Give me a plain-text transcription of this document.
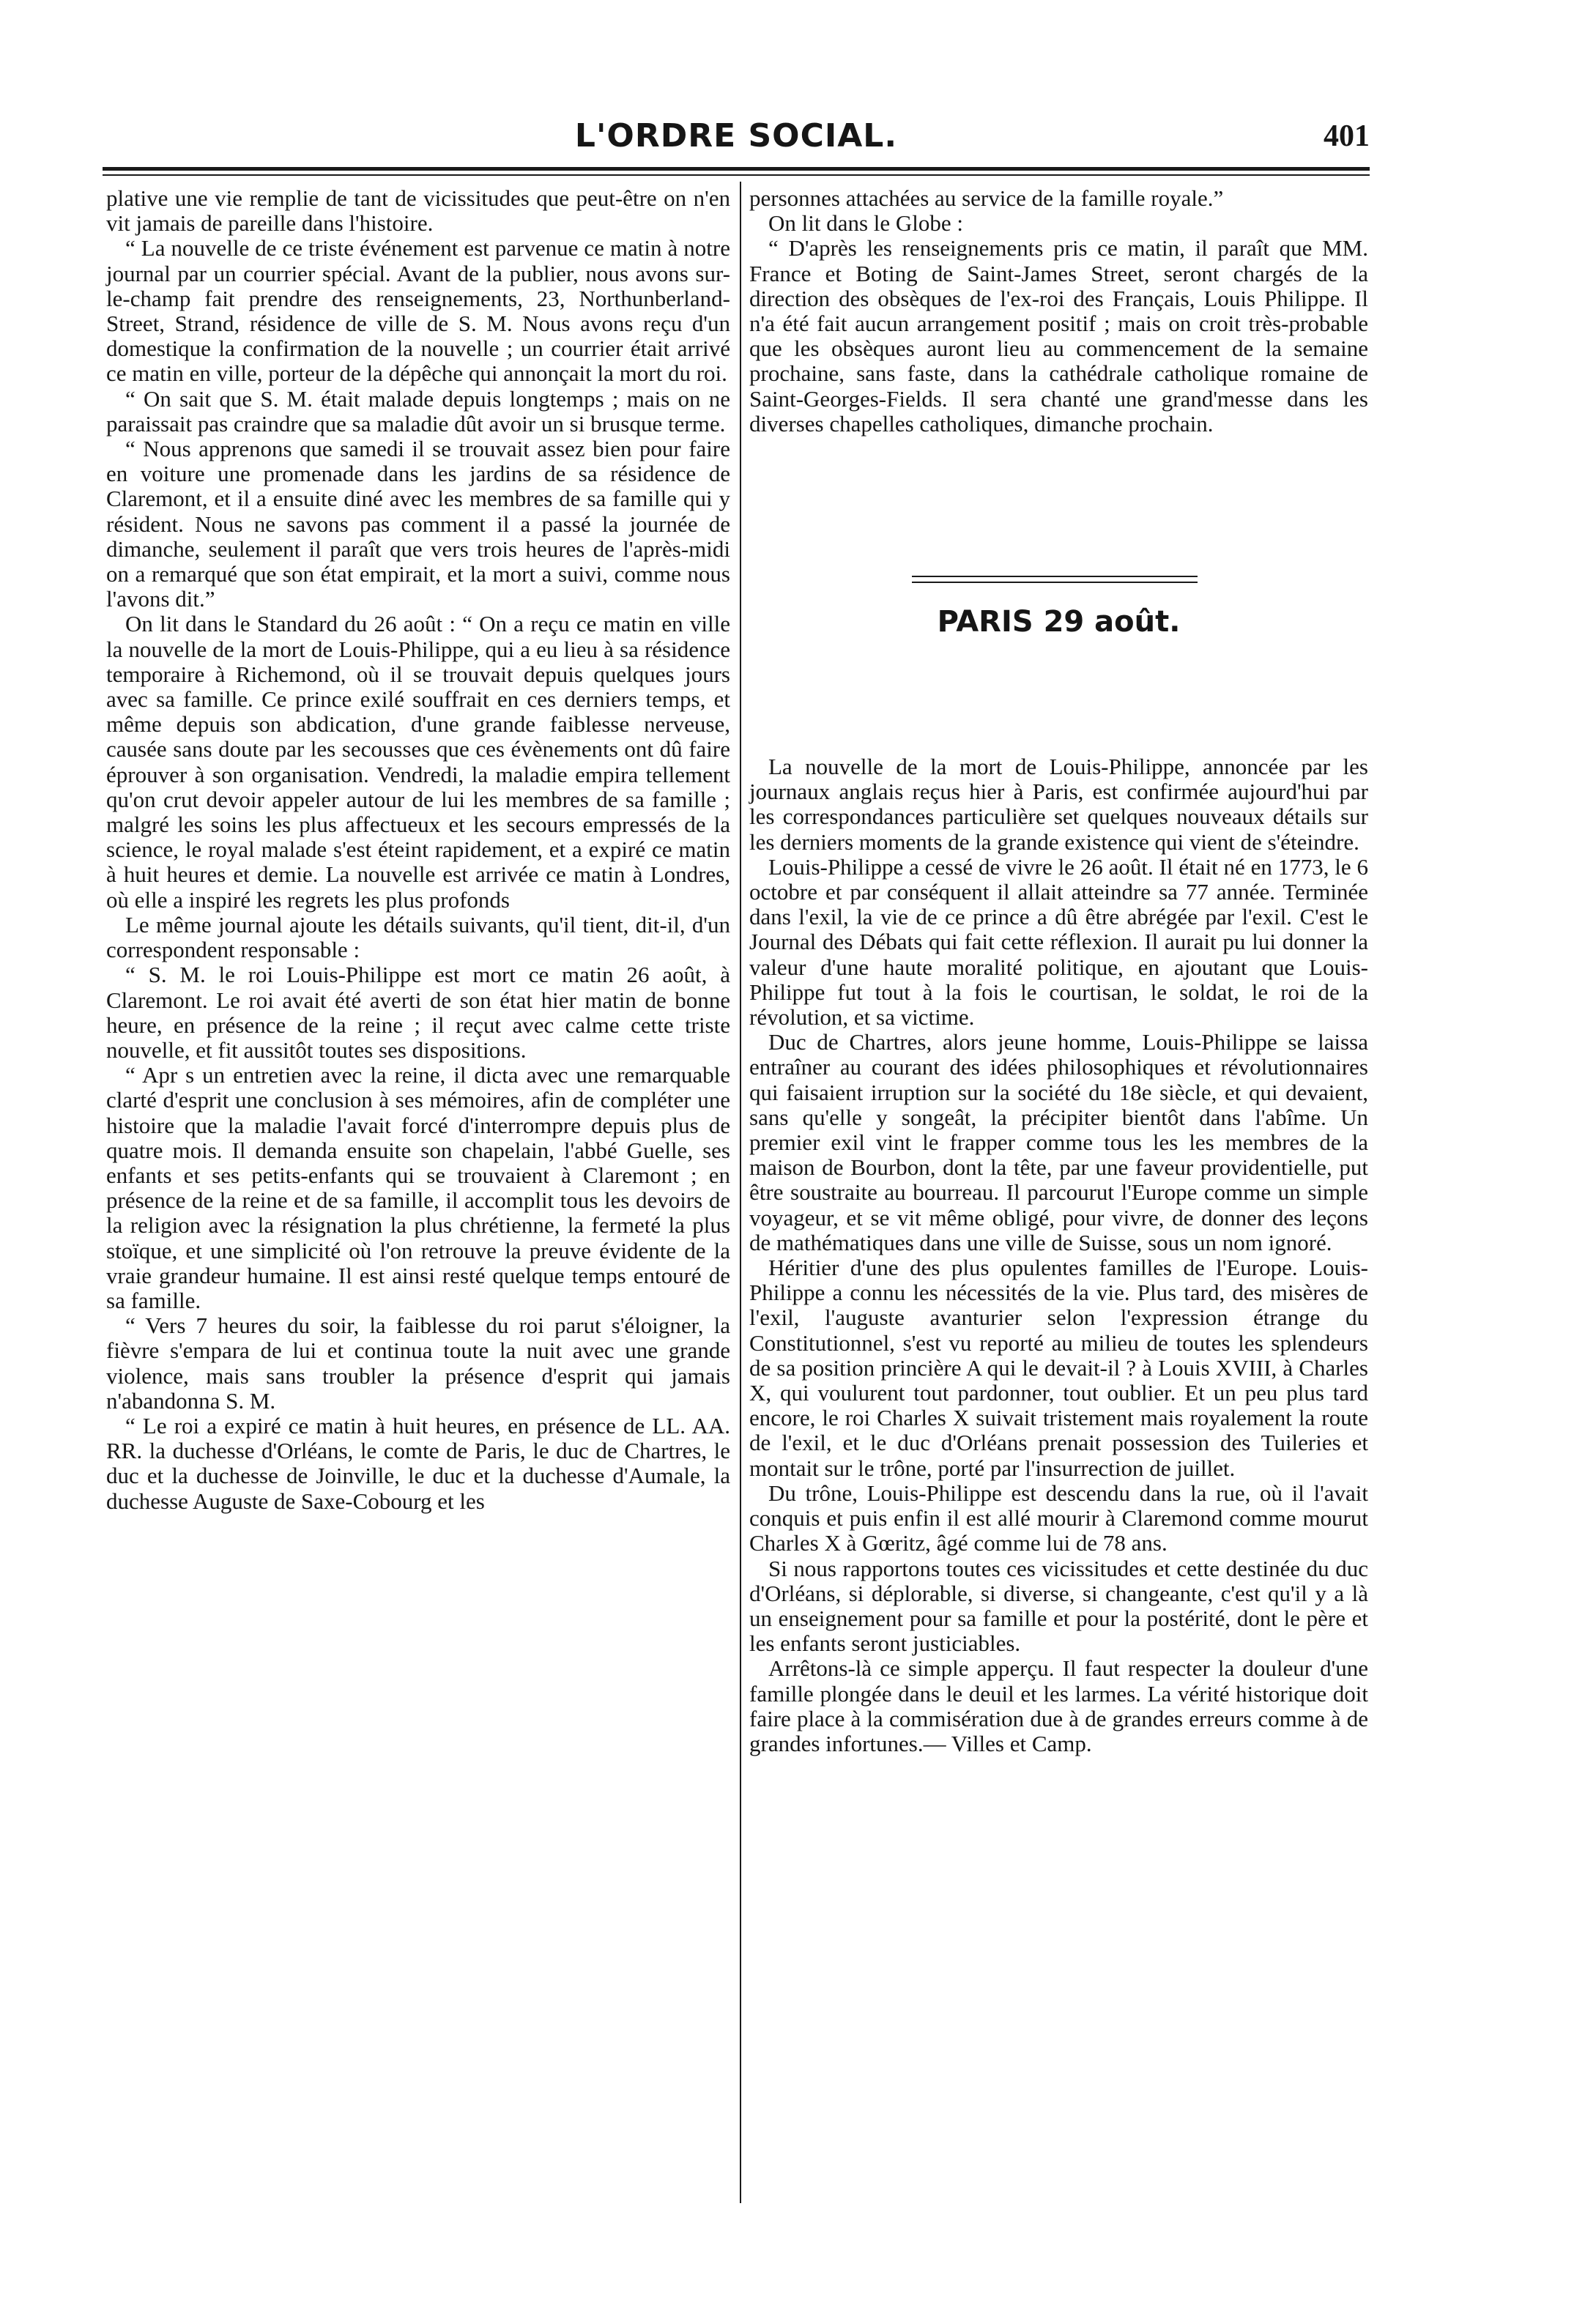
L'ORDRE SOCIAL.	401

plative une vie remplie de tant de vicissitudes que peut-être on n'en vit jamais de pareille dans l'histoire.

“ La nouvelle de ce triste événement est parvenue ce matin à notre journal par un courrier spécial. Avant de la publier, nous avons sur-le-champ fait prendre des renseignements, 23, Northunberland-Street, Strand, résidence de ville de S. M. Nous avons reçu d'un domestique la confirmation de la nouvelle ; un courrier était arrivé ce matin en ville, porteur de la dépêche qui annonçait la mort du roi.

“ On sait que S. M. était malade depuis longtemps ; mais on ne paraissait pas craindre que sa maladie dût avoir un si brusque terme.

“ Nous apprenons que samedi il se trouvait assez bien pour faire en voiture une promenade dans les jardins de sa résidence de Claremont, et il a ensuite diné avec les membres de sa famille qui y résident. Nous ne savons pas comment il a passé la journée de dimanche, seulement il paraît que vers trois heures de l'après-midi on a remarqué que son état empirait, et la mort a suivi, comme nous l'avons dit.”

On lit dans le Standard du 26 août : “ On a reçu ce matin en ville la nouvelle de la mort de Louis-Philippe, qui a eu lieu à sa résidence temporaire à Richemond, où il se trouvait depuis quelques jours avec sa famille. Ce prince exilé souffrait en ces derniers temps, et même depuis son abdication, d'une grande faiblesse nerveuse, causée sans doute par les secousses que ces évènements ont dû faire éprouver à son organisation. Vendredi, la maladie empira tellement qu'on crut devoir appeler autour de lui les membres de sa famille ; malgré les soins les plus affectueux et les secours empressés de la science, le royal malade s'est éteint rapidement, et a expiré ce matin à huit heures et demie. La nouvelle est arrivée ce matin à Londres, où elle a inspiré les regrets les plus profonds

Le même journal ajoute les détails suivants, qu'il tient, dit-il, d'un correspondent responsable :

“ S. M. le roi Louis-Philippe est mort ce matin 26 août, à Claremont. Le roi avait été averti de son état hier matin de bonne heure, en présence de la reine ; il reçut avec calme cette triste nouvelle, et fit aussitôt toutes ses dispositions.

“ Apr s un entretien avec la reine, il dicta avec une remarquable clarté d'esprit une conclusion à ses mémoires, afin de compléter une histoire que la maladie l'avait forcé d'interrompre depuis plus de quatre mois. Il demanda ensuite son chapelain, l'abbé Guelle, ses enfants et ses petits-enfants qui se trouvaient à Claremont ; en présence de la reine et de sa famille, il accomplit tous les devoirs de la religion avec la résignation la plus chrétienne, la fermeté la plus stoïque, et une simplicité où l'on retrouve la preuve évidente de la vraie grandeur humaine. Il est ainsi resté quelque temps entouré de sa famille.

“ Vers 7 heures du soir, la faiblesse du roi parut s'éloigner, la fièvre s'empara de lui et continua toute la nuit avec une grande violence, mais sans troubler la présence d'esprit qui jamais n'abandonna S. M.

“ Le roi a expiré ce matin à huit heures, en présence de LL. AA. RR. la duchesse d'Orléans, le comte de Paris, le duc de Chartres, le duc et la duchesse de Joinville, le duc et la duchesse d'Aumale, la duchesse Auguste de Saxe-Cobourg et les

personnes attachées au service de la famille royale.”

On lit dans le Globe :

“ D'après les renseignements pris ce matin, il paraît que MM. France et Boting de Saint-James Street, seront chargés de la direction des obsèques de l'ex-roi des Français, Louis Philippe. Il n'a été fait aucun arrangement positif ; mais on croit très-probable que les obsèques auront lieu au commencement de la semaine prochaine, sans faste, dans la cathédrale catholique romaine de Saint-Georges-Fields. Il sera chanté une grand'messe dans les diverses chapelles catholiques, dimanche prochain.

PARIS 29 août.

La nouvelle de la mort de Louis-Philippe, annoncée par les journaux anglais reçus hier à Paris, est confirmée aujourd'hui par les correspondances particulière set quelques nouveaux détails sur les derniers moments de la grande existence qui vient de s'éteindre.

Louis-Philippe a cessé de vivre le 26 août. Il était né en 1773, le 6 octobre et par conséquent il allait atteindre sa 77 année. Terminée dans l'exil, la vie de ce prince a dû être abrégée par l'exil. C'est le Journal des Débats qui fait cette réflexion. Il aurait pu lui donner la valeur d'une haute moralité politique, en ajoutant que Louis-Philippe fut tout à la fois le courtisan, le soldat, le roi de la révolution, et sa victime.

Duc de Chartres, alors jeune homme, Louis-Philippe se laissa entraîner au courant des idées philosophiques et révolutionnaires qui faisaient irruption sur la société du 18e siècle, et qui devaient, sans qu'elle y songeât, la précipiter bientôt dans l'abîme. Un premier exil vint le frapper comme tous les les membres de la maison de Bourbon, dont la tête, par une faveur providentielle, put être soustraite au bourreau. Il parcourut l'Europe comme un simple voyageur, et se vit même obligé, pour vivre, de donner des leçons de mathématiques dans une ville de Suisse, sous un nom ignoré.

Héritier d'une des plus opulentes familles de l'Europe. Louis-Philippe a connu les nécessités de la vie. Plus tard, des misères de l'exil, l'auguste avanturier selon l'expression étrange du Constitutionnel, s'est vu reporté au milieu de toutes les splendeurs de sa position princière A qui le devait-il ? à Louis XVIII, à Charles X, qui voulurent tout pardonner, tout oublier. Et un peu plus tard encore, le roi Charles X suivait tristement mais royalement la route de l'exil, et le duc d'Orléans prenait possession des Tuileries et montait sur le trône, porté par l'insurrection de juillet.

Du trône, Louis-Philippe est descendu dans la rue, où il l'avait conquis et puis enfin il est allé mourir à Claremond comme mourut Charles X à Gœritz, âgé comme lui de 78 ans.

Si nous rapportons toutes ces vicissitudes et cette destinée du duc d'Orléans, si déplorable, si diverse, si changeante, c'est qu'il y a là un enseignement pour sa famille et pour la postérité, dont le père et les enfants seront justiciables.

Arrêtons-là ce simple apperçu. Il faut respecter la douleur d'une famille plongée dans le deuil et les larmes. La vérité historique doit faire place à la commisération due à de grandes erreurs comme à de grandes infortunes.— Villes et Camp.
